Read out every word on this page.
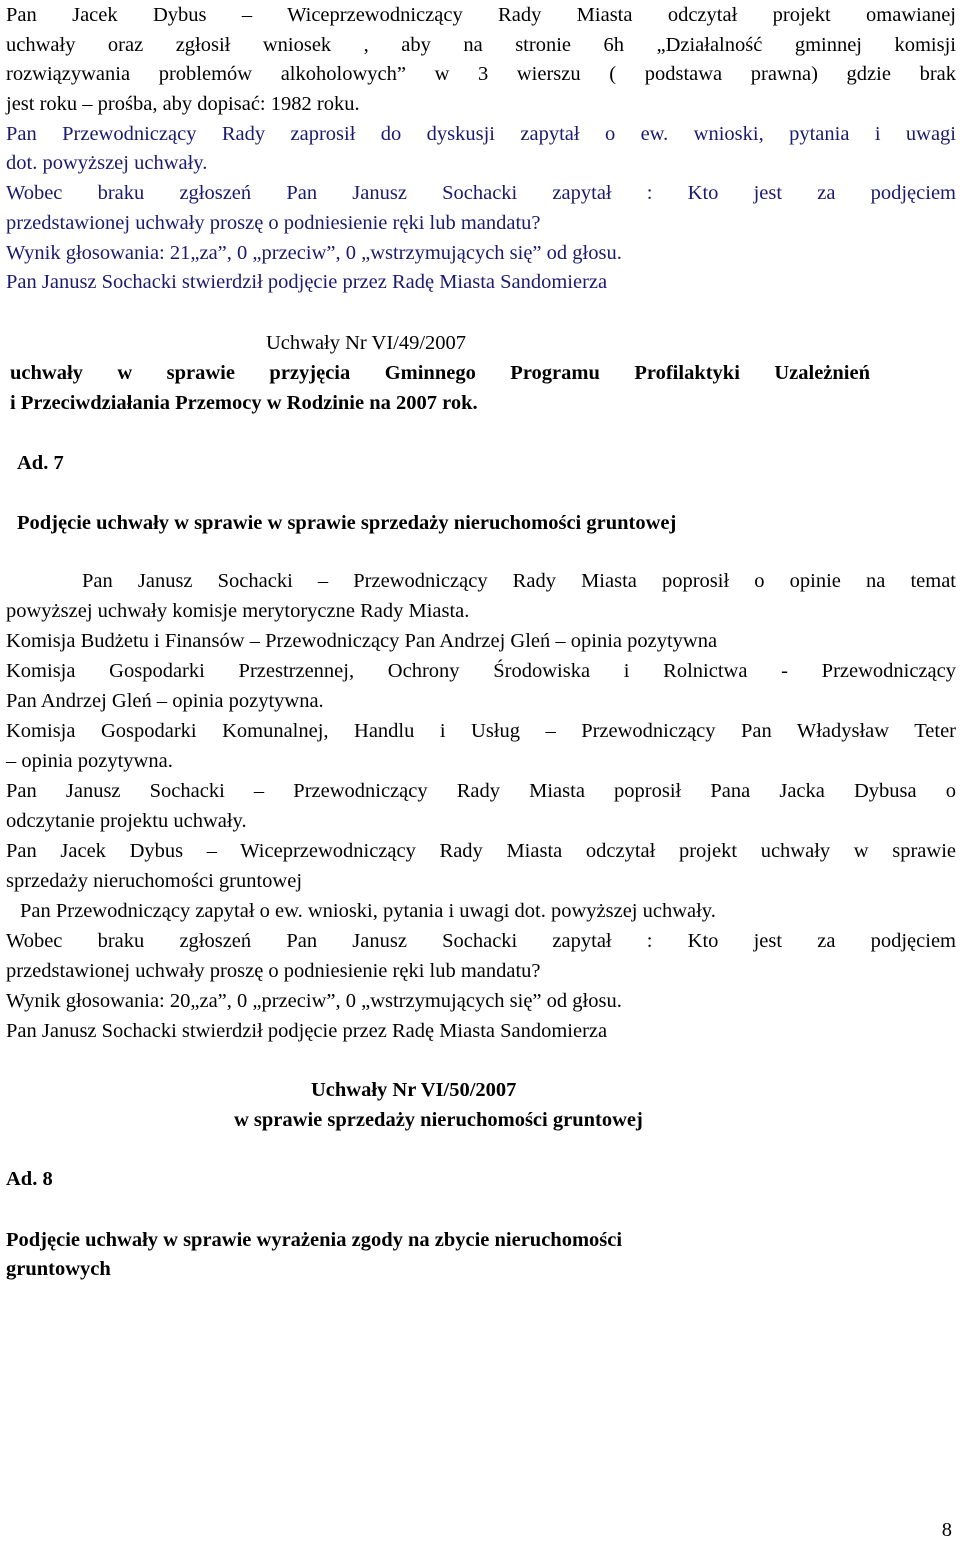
Pan Jacek Dybus – Wiceprzewodniczący Rady Miasta odczytał projekt omawianej

uchwały oraz zgłosił wniosek , aby na stronie 6h „Działalność gminnej komisji

rozwiązywania problemów alkoholowych” w 3 wierszu ( podstawa prawna) gdzie brak

jest roku – prośba, aby dopisać: 1982 roku.

Pan Przewodniczący Rady zaprosił do dyskusji zapytał o ew. wnioski, pytania i uwagi

dot. powyższej uchwały.

Wobec braku zgłoszeń Pan Janusz Sochacki zapytał : Kto jest za podjęciem

przedstawionej uchwały proszę o podniesienie ręki lub mandatu?

Wynik głosowania: 21„za”, 0 „przeciw”, 0 „wstrzymujących się” od głosu.

Pan Janusz Sochacki stwierdził podjęcie przez Radę Miasta Sandomierza

Uchwały Nr VI/49/2007

uchwały w sprawie przyjęcia Gminnego Programu Profilaktyki Uzależnień

i Przeciwdziałania Przemocy w Rodzinie na 2007 rok.

Ad. 7

Podjęcie uchwały w sprawie w sprawie sprzedaży nieruchomości gruntowej

Pan Janusz Sochacki – Przewodniczący Rady Miasta poprosił o opinie na temat

powyższej uchwały komisje merytoryczne Rady Miasta.

Komisja Budżetu i Finansów – Przewodniczący Pan Andrzej Gleń – opinia pozytywna

Komisja Gospodarki Przestrzennej, Ochrony Środowiska i Rolnictwa - Przewodniczący

Pan Andrzej Gleń – opinia pozytywna.

Komisja Gospodarki Komunalnej, Handlu i Usług – Przewodniczący Pan Władysław Teter

– opinia pozytywna.

Pan Janusz Sochacki – Przewodniczący Rady Miasta poprosił Pana Jacka Dybusa o

odczytanie projektu uchwały.

Pan Jacek Dybus – Wiceprzewodniczący Rady Miasta odczytał projekt uchwały w sprawie

sprzedaży nieruchomości gruntowej

Pan Przewodniczący zapytał o ew. wnioski, pytania i uwagi dot. powyższej uchwały.

Wobec braku zgłoszeń Pan Janusz Sochacki zapytał : Kto jest za podjęciem

przedstawionej uchwały proszę o podniesienie ręki lub mandatu?

Wynik głosowania: 20„za”, 0 „przeciw”, 0 „wstrzymujących się” od głosu.

Pan Janusz Sochacki stwierdził podjęcie przez Radę Miasta Sandomierza

Uchwały Nr VI/50/2007

w sprawie sprzedaży nieruchomości gruntowej

Ad. 8

Podjęcie uchwały w sprawie wyrażenia zgody na zbycie nieruchomości

gruntowych

8
